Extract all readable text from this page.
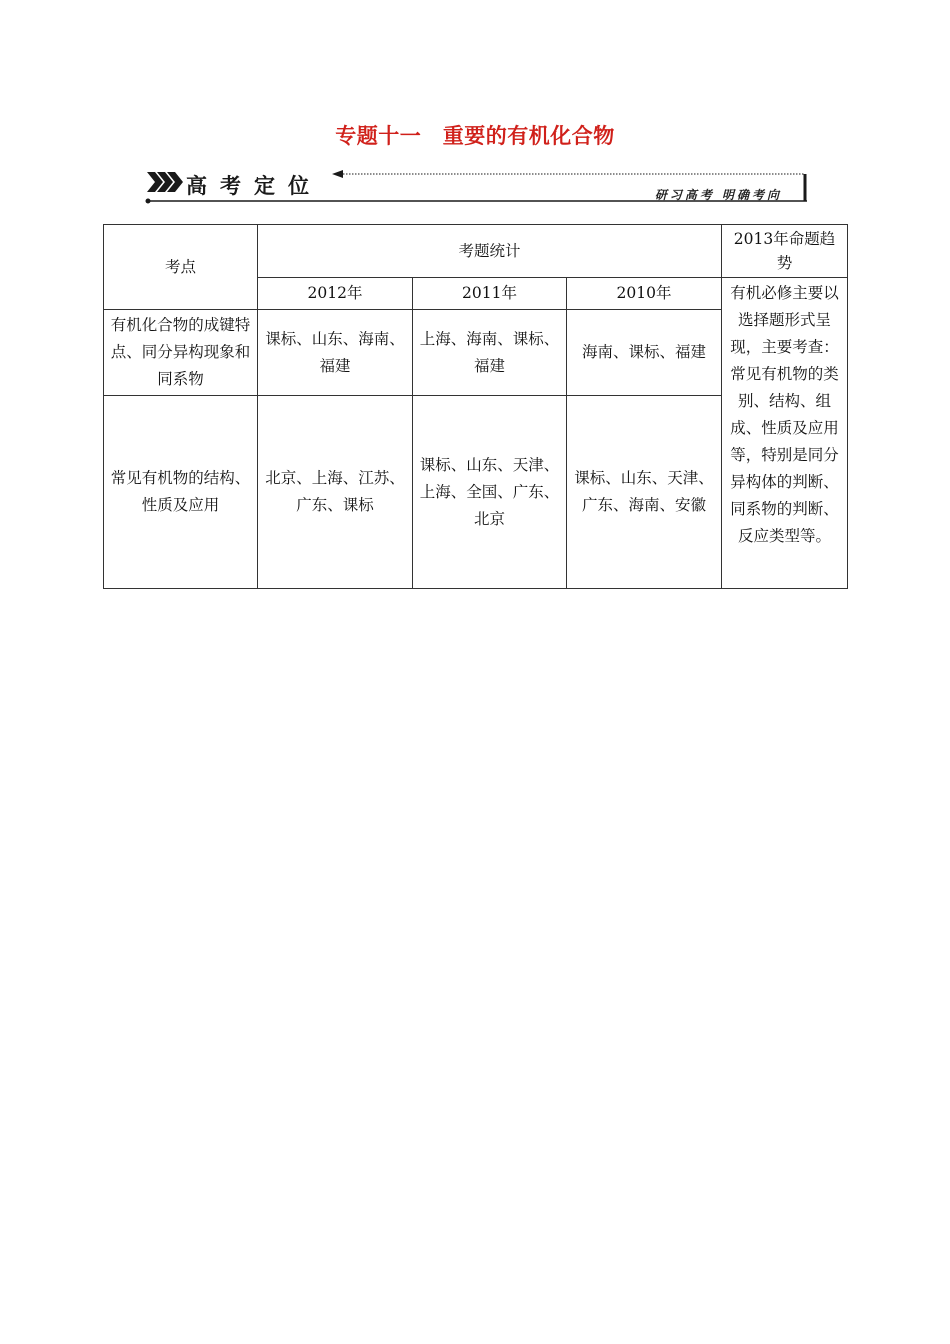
专题十一　重要的有机化合物
高考定位	研习高考 明确考向
考点	考题统计			2013年命题趋势
	2012年	2011年	2010年	有机必修主要以选择题形式呈现，主要考查：常见有机物的类别、结构、组成、性质及应用等，特别是同分异构体的判断、同系物的判断、反应类型等。
有机化合物的成键特点、同分异构现象和同系物	课标、山东、海南、福建	上海、海南、课标、福建	海南、课标、福建	
常见有机物的结构、性质及应用	北京、上海、江苏、广东、课标	课标、山东、天津、上海、全国、广东、北京	课标、山东、天津、广东、海南、安徽	
